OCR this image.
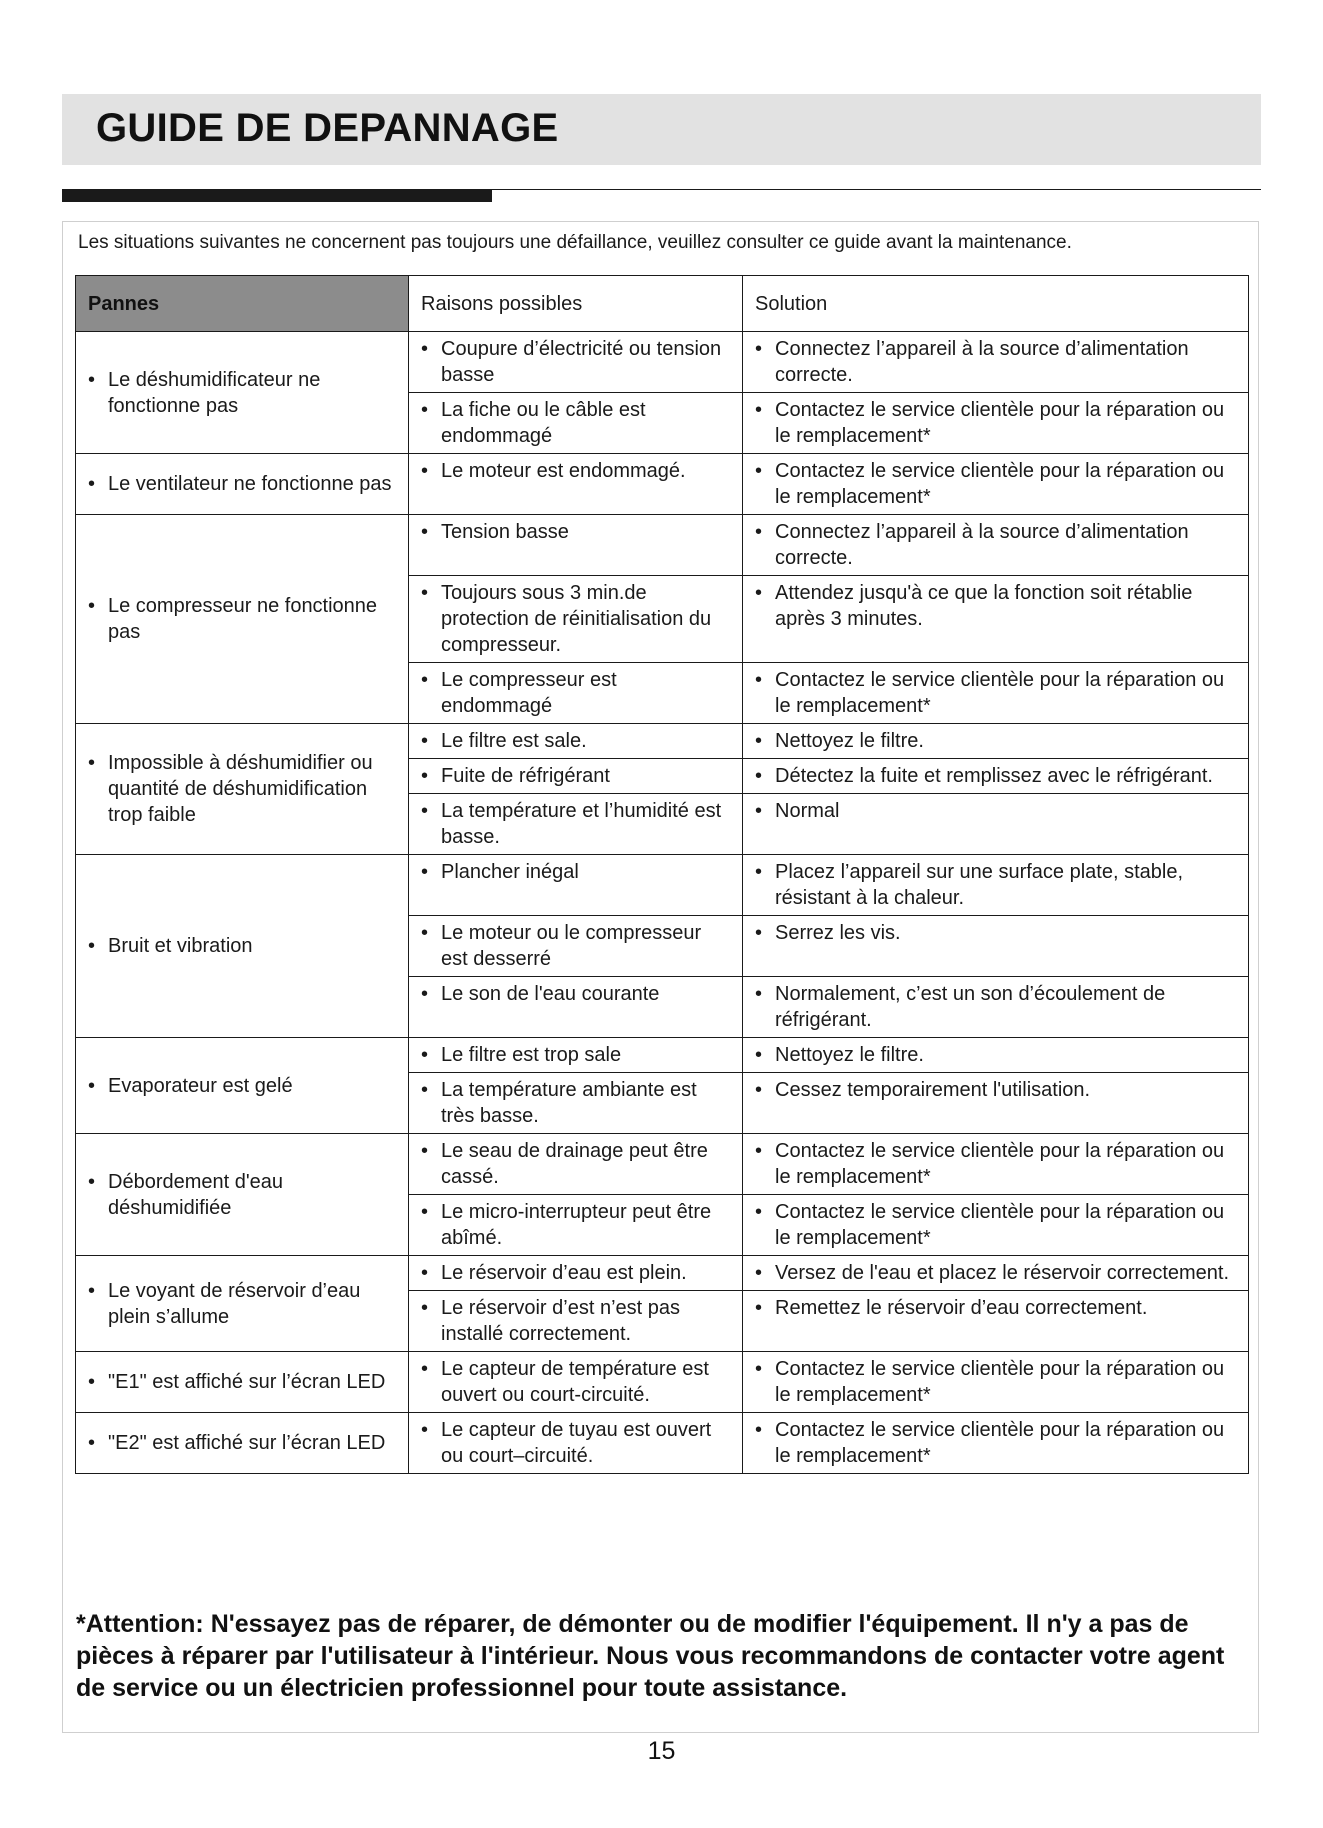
GUIDE DE DEPANNAGE
Les situations suivantes ne concernent pas toujours une défaillance, veuillez consulter ce guide avant la maintenance.
Pannes	Raisons possibles	Solution

• Le déshumidificateur ne fonctionne pas	• Coupure d’électricité ou tension basse	• Connectez l’appareil à la source d’alimentation correcte.

	• La fiche ou le câble est endommagé	• Contactez le service clientèle pour la réparation ou le remplacement*

• Le ventilateur ne fonctionne pas	• Le moteur est endommagé.	• Contactez le service clientèle pour la réparation ou le remplacement*

• Le compresseur ne fonctionne pas	• Tension basse	• Connectez l’appareil à la source d’alimentation correcte.

	• Toujours sous 3 min.de protection de réinitialisation du compresseur.	• Attendez jusqu'à ce que la fonction soit rétablie après 3 minutes.

	• Le compresseur est endommagé	• Contactez le service clientèle pour la réparation ou le remplacement*

• Impossible à déshumidifier ou quantité de déshumidification trop faible	• Le filtre est sale.	• Nettoyez le filtre.

	• Fuite de réfrigérant	• Détectez la fuite et remplissez avec le réfrigérant.

	• La température et l’humidité est basse.	• Normal

• Bruit et vibration	• Plancher inégal	• Placez l’appareil sur une surface plate, stable, résistant à la chaleur.

	• Le moteur ou le compresseur est desserré	• Serrez les vis.

	• Le son de l'eau courante	• Normalement, c’est un son d’écoulement de réfrigérant.

• Evaporateur est gelé	• Le filtre est trop sale	• Nettoyez le filtre.

	• La température ambiante est très basse.	• Cessez temporairement l'utilisation.

• Débordement d'eau déshumidifiée	• Le seau de drainage peut être cassé.	• Contactez le service clientèle pour la réparation ou le remplacement*

	• Le micro-interrupteur peut être abîmé.	• Contactez le service clientèle pour la réparation ou le remplacement*

• Le voyant de réservoir d’eau plein s’allume	• Le réservoir d’eau est plein.	• Versez de l'eau et placez le réservoir correctement.

	• Le réservoir d’est n’est pas installé correctement.	• Remettez le réservoir d’eau correctement.

• "E1" est affiché sur l’écran LED	• Le capteur de température est ouvert ou court-circuité.	• Contactez le service clientèle pour la réparation ou le remplacement*

• "E2" est affiché sur l’écran LED	• Le capteur de tuyau est ouvert ou court–circuité.	• Contactez le service clientèle pour la réparation ou le remplacement*
*Attention: N'essayez pas de réparer, de démonter ou de modifier l'équipement. Il n'y a pas de pièces à réparer par l'utilisateur à l'intérieur. Nous vous recommandons de contacter votre agent de service ou un électricien professionnel pour toute assistance.
15
